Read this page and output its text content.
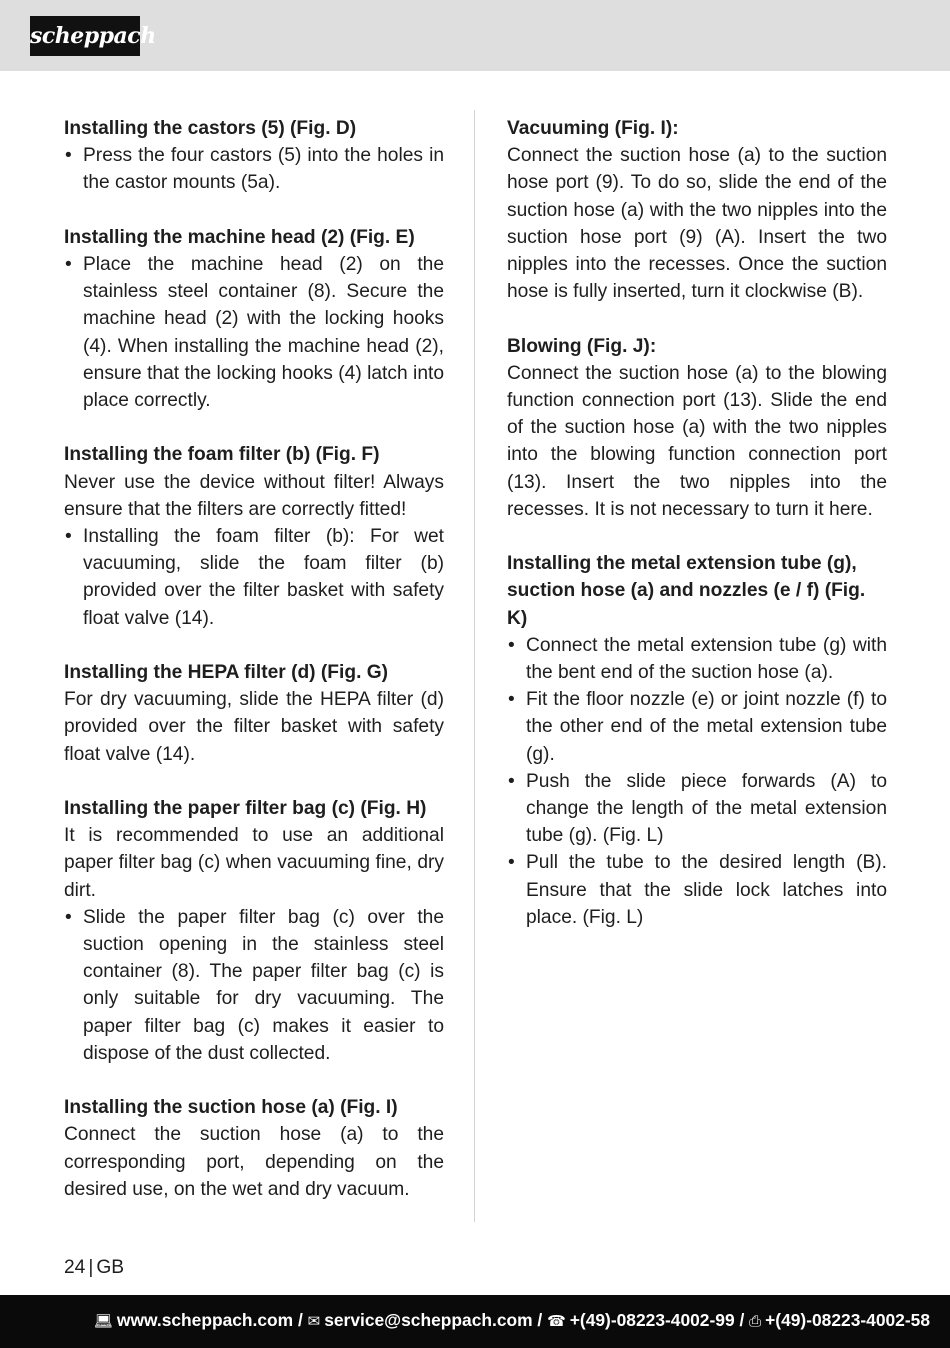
scheppach
Installing the castors (5) (Fig. D)
• Press the four castors (5) into the holes in the castor mounts (5a).
Installing the machine head (2) (Fig. E)
• Place the machine head (2) on the stainless steel container (8). Secure the machine head (2) with the locking hooks (4). When installing the machine head (2), ensure that the locking hooks (4) latch into place correctly.
Installing the foam filter (b) (Fig. F)
Never use the device without filter! Always ensure that the filters are correctly fitted!
• Installing the foam filter (b): For wet vacuuming, slide the foam filter (b) provided over the filter basket with safety float valve (14).
Installing the HEPA filter (d) (Fig. G)
For dry vacuuming, slide the HEPA filter (d) provided over the filter basket with safety float valve (14).
Installing the paper filter bag (c) (Fig. H)
It is recommended to use an additional paper filter bag (c) when vacuuming fine, dry dirt.
• Slide the paper filter bag (c) over the suction opening in the stainless steel container (8). The paper filter bag (c) is only suitable for dry vacuuming. The paper filter bag (c) makes it easier to dispose of the dust collected.
Installing the suction hose (a) (Fig. I)
Connect the suction hose (a) to the corresponding port, depending on the desired use, on the wet and dry vacuum.
Vacuuming (Fig. I):
Connect the suction hose (a) to the suction hose port (9). To do so, slide the end of the suction hose (a) with the two nipples into the suction hose port (9) (A). Insert the two nipples into the recesses. Once the suction hose is fully inserted, turn it clockwise (B).
Blowing (Fig. J):
Connect the suction hose (a) to the blowing function connection port (13). Slide the end of the suction hose (a) with the two nipples into the blowing function connection port (13). Insert the two nipples into the recesses. It is not necessary to turn it here.
Installing the metal extension tube (g), suction hose (a) and nozzles (e / f) (Fig. K)
• Connect the metal extension tube (g) with the bent end of the suction hose (a).
• Fit the floor nozzle (e) or joint nozzle (f) to the other end of the metal extension tube (g).
• Push the slide piece forwards (A) to change the length of the metal extension tube (g). (Fig. L)
• Pull the tube to the desired length (B). Ensure that the slide lock latches into place. (Fig. L)
24 | GB
💻︎ www.scheppach.com / ✉︎ service@scheppach.com / ☎︎ +(49)-08223-4002-99 / ⎙ +(49)-08223-4002-58
